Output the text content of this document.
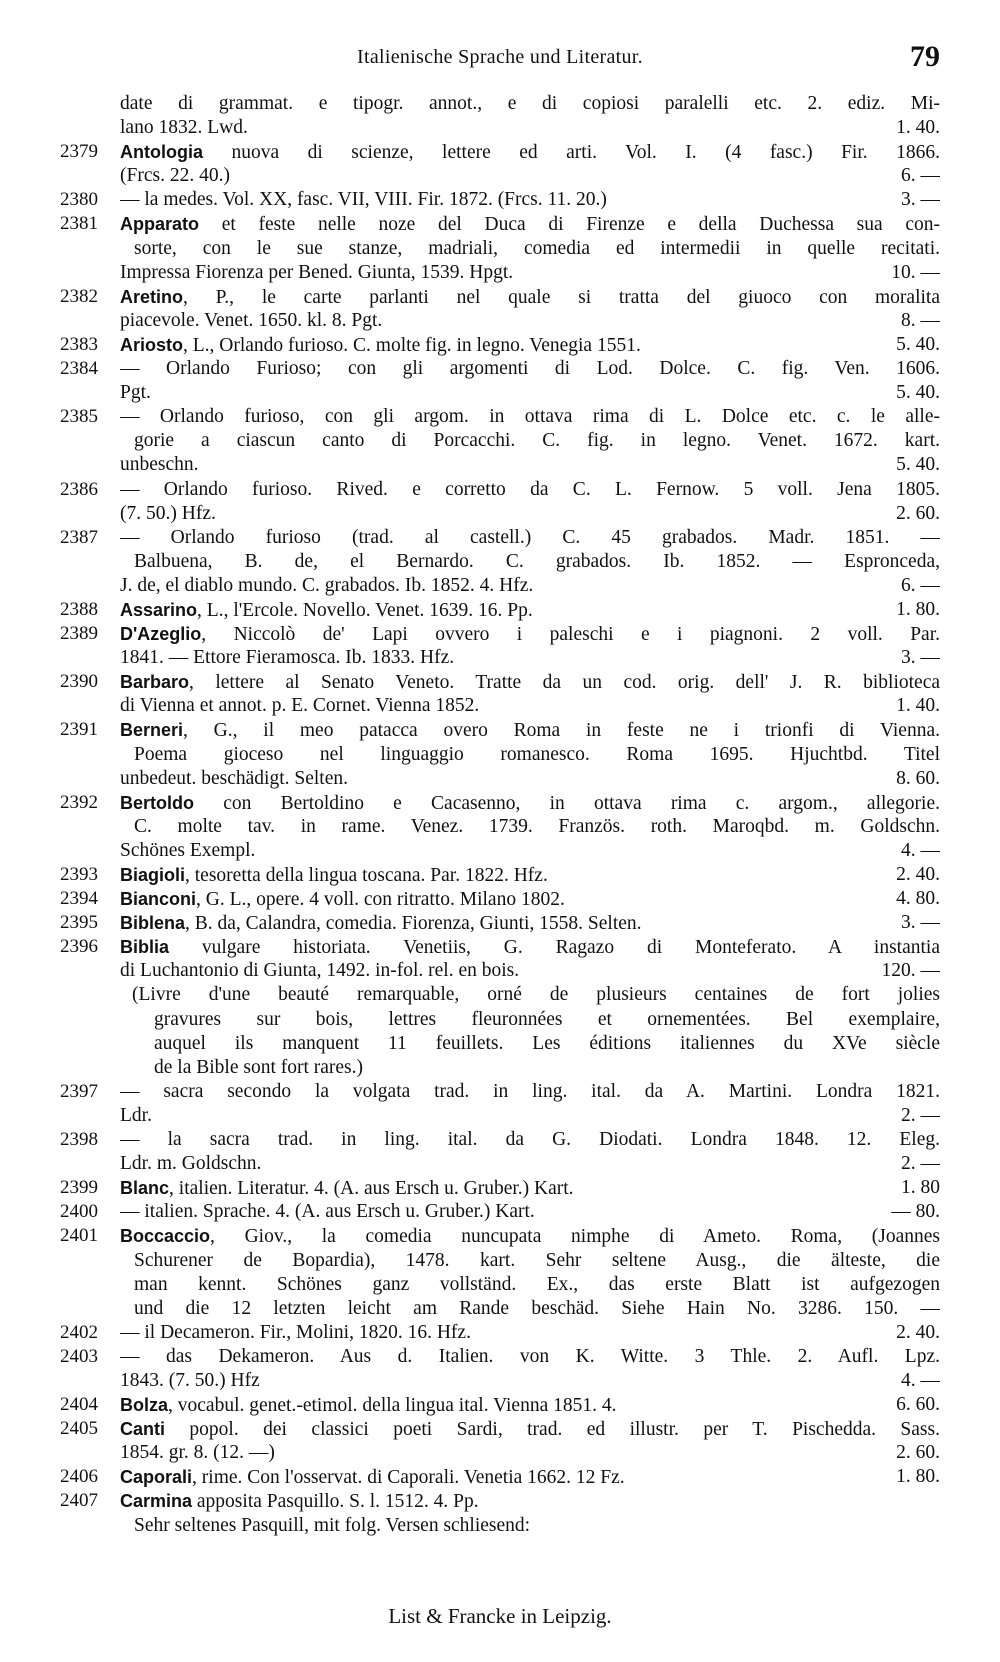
Italienische Sprache und Literatur.	79
date di grammat. e tipogr. annot., e di copiosi paralelli etc. 2. ediz. Mi-
lano 1832. Lwd.	1. 40.
2379	Antologia nuova di scienze, lettere ed arti. Vol. I. (4 fasc.) Fir. 1866.
(Frcs. 22. 40.)	6. —
2380	— la medes. Vol. XX, fasc. VII, VIII. Fir. 1872. (Frcs. 11. 20.)	3. —
2381	Apparato et feste nelle noze del Duca di Firenze e della Duchessa sua con-
sorte, con le sue stanze, madriali, comedia ed intermedii in quelle recitati.
Impressa Fiorenza per Bened. Giunta, 1539. Hpgt.	10. —
2382	Aretino, P., le carte parlanti nel quale si tratta del giuoco con moralita
piacevole. Venet. 1650. kl. 8. Pgt.	8. —
2383	Ariosto, L., Orlando furioso. C. molte fig. in legno. Venegia 1551.	5. 40.
2384	— Orlando Furioso; con gli argomenti di Lod. Dolce. C. fig. Ven. 1606.
Pgt.	5. 40.
2385	— Orlando furioso, con gli argom. in ottava rima di L. Dolce etc. c. le alle-
gorie a ciascun canto di Porcacchi. C. fig. in legno. Venet. 1672. kart.
unbeschn.	5. 40.
2386	— Orlando furioso. Rived. e corretto da C. L. Fernow. 5 voll. Jena 1805.
(7. 50.) Hfz.	2. 60.
2387	— Orlando furioso (trad. al castell.) C. 45 grabados. Madr. 1851. —
Balbuena, B. de, el Bernardo. C. grabados. Ib. 1852. — Espronceda,
J. de, el diablo mundo. C. grabados. Ib. 1852. 4. Hfz.	6. —
2388	Assarino, L., l'Ercole. Novello. Venet. 1639. 16. Pp.	1. 80.
2389	D'Azeglio, Niccolò de' Lapi ovvero i paleschi e i piagnoni. 2 voll. Par.
1841. — Ettore Fieramosca. Ib. 1833. Hfz.	3. —
2390	Barbaro, lettere al Senato Veneto. Tratte da un cod. orig. dell' J. R. biblioteca
di Vienna et annot. p. E. Cornet. Vienna 1852.	1. 40.
2391	Berneri, G., il meo patacca overo Roma in feste ne i trionfi di Vienna.
Poema gioceso nel linguaggio romanesco. Roma 1695. Hjuchtbd. Titel
unbedeut. beschädigt. Selten.	8. 60.
2392	Bertoldo con Bertoldino e Cacasenno, in ottava rima c. argom., allegorie.
C. molte tav. in rame. Venez. 1739. Französ. roth. Maroqbd. m. Goldschn.
Schönes Exempl.	4. —
2393	Biagioli, tesoretta della lingua toscana. Par. 1822. Hfz.	2. 40.
2394	Bianconi, G. L., opere. 4 voll. con ritratto. Milano 1802.	4. 80.
2395	Biblena, B. da, Calandra, comedia. Fiorenza, Giunti, 1558. Selten.	3. —
2396	Biblia vulgare historiata. Venetiis, G. Ragazo di Monteferato. A instantia
di Luchantonio di Giunta, 1492. in-fol. rel. en bois.	120. —
(Livre d'une beauté remarquable, orné de plusieurs centaines de fort jolies
gravures sur bois, lettres fleuronnées et ornementées. Bel exemplaire,
auquel ils manquent 11 feuillets. Les éditions italiennes du XVe siècle
de la Bible sont fort rares.)
2397	— sacra secondo la volgata trad. in ling. ital. da A. Martini. Londra 1821.
Ldr.	2. —
2398	— la sacra trad. in ling. ital. da G. Diodati. Londra 1848. 12. Eleg.
Ldr. m. Goldschn.	2. —
2399	Blanc, italien. Literatur. 4. (A. aus Ersch u. Gruber.) Kart.	1. 80
2400	— italien. Sprache. 4. (A. aus Ersch u. Gruber.) Kart.	— 80.
2401	Boccaccio, Giov., la comedia nuncupata nimphe di Ameto. Roma, (Joannes
Schurener de Bopardia), 1478. kart. Sehr seltene Ausg., die älteste, die
man kennt. Schönes ganz vollständ. Ex., das erste Blatt ist aufgezogen
und die 12 letzten leicht am Rande beschäd. Siehe Hain No. 3286. 150. —
2402	— il Decameron. Fir., Molini, 1820. 16. Hfz.	2. 40.
2403	— das Dekameron. Aus d. Italien. von K. Witte. 3 Thle. 2. Aufl. Lpz.
1843. (7. 50.) Hfz	4. —
2404	Bolza, vocabul. genet.-etimol. della lingua ital. Vienna 1851. 4.	6. 60.
2405	Canti popol. dei classici poeti Sardi, trad. ed illustr. per T. Pischedda. Sass.
1854. gr. 8. (12. —)	2. 60.
2406	Caporali, rime. Con l'osservat. di Caporali. Venetia 1662. 12 Fz.	1. 80.
2407	Carmina apposita Pasquillo. S. l. 1512. 4. Pp.
Sehr seltenes Pasquill, mit folg. Versen schliesend:
List & Francke in Leipzig.
